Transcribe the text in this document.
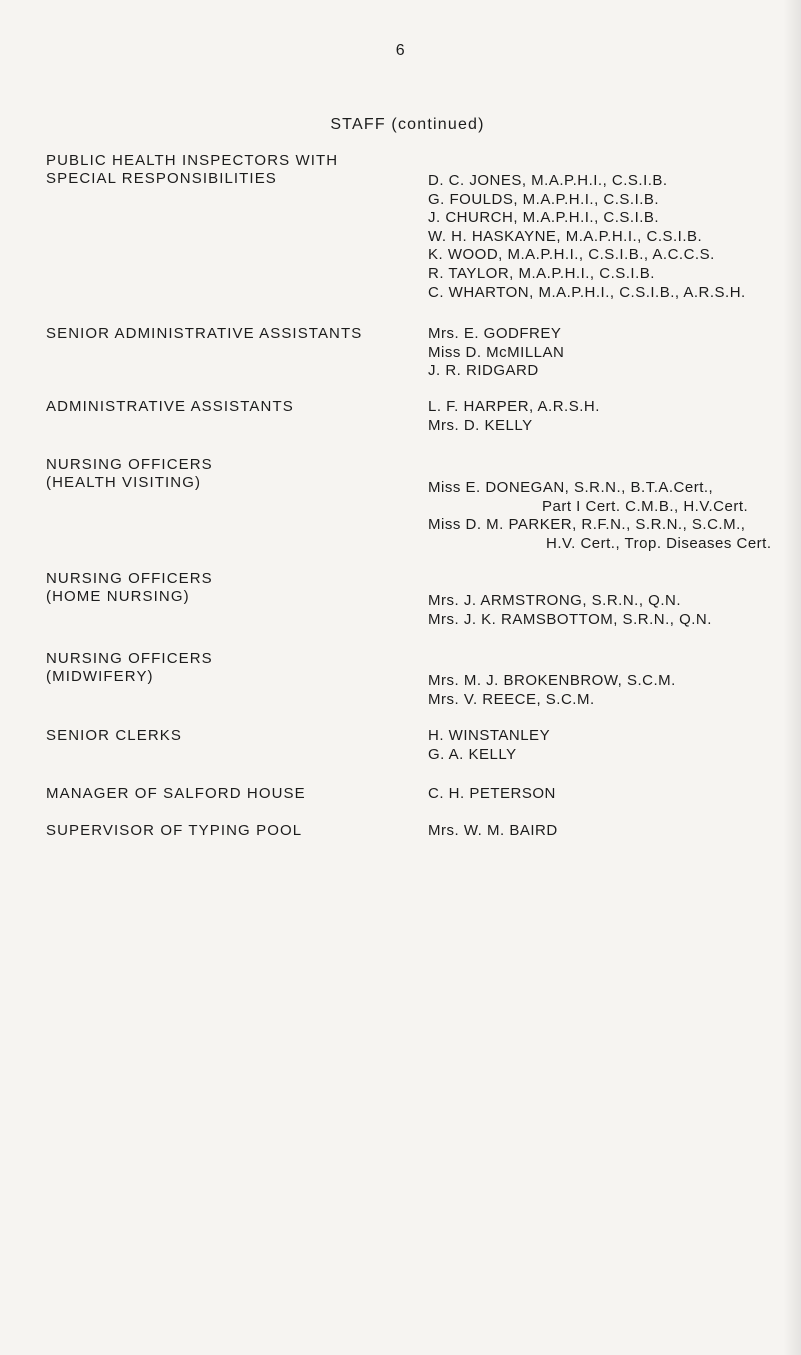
6
STAFF (continued)
PUBLIC HEALTH INSPECTORS WITH
SPECIAL RESPONSIBILITIES	D. C. JONES, M.A.P.H.I., C.S.I.B.
G. FOULDS, M.A.P.H.I., C.S.I.B.
J. CHURCH, M.A.P.H.I., C.S.I.B.
W. H. HASKAYNE, M.A.P.H.I., C.S.I.B.
K. WOOD, M.A.P.H.I., C.S.I.B., A.C.C.S.
R. TAYLOR, M.A.P.H.I., C.S.I.B.
C. WHARTON, M.A.P.H.I., C.S.I.B., A.R.S.H.
SENIOR ADMINISTRATIVE ASSISTANTS	Mrs. E. GODFREY
Miss D. McMILLAN
J. R. RIDGARD
ADMINISTRATIVE ASSISTANTS	L. F. HARPER, A.R.S.H.
Mrs. D. KELLY
NURSING OFFICERS
(HEALTH VISITING)	Miss E. DONEGAN, S.R.N., B.T.A.Cert.,
Part I Cert. C.M.B., H.V.Cert.
Miss D. M. PARKER, R.F.N., S.R.N., S.C.M.,
H.V. Cert., Trop. Diseases Cert.
NURSING OFFICERS
(HOME NURSING)	Mrs. J. ARMSTRONG, S.R.N., Q.N.
Mrs. J. K. RAMSBOTTOM, S.R.N., Q.N.
NURSING OFFICERS
(MIDWIFERY)	Mrs. M. J. BROKENBROW, S.C.M.
Mrs. V. REECE, S.C.M.
SENIOR CLERKS	H. WINSTANLEY
G. A. KELLY
MANAGER OF SALFORD HOUSE	C. H. PETERSON
SUPERVISOR OF TYPING POOL	Mrs. W. M. BAIRD
